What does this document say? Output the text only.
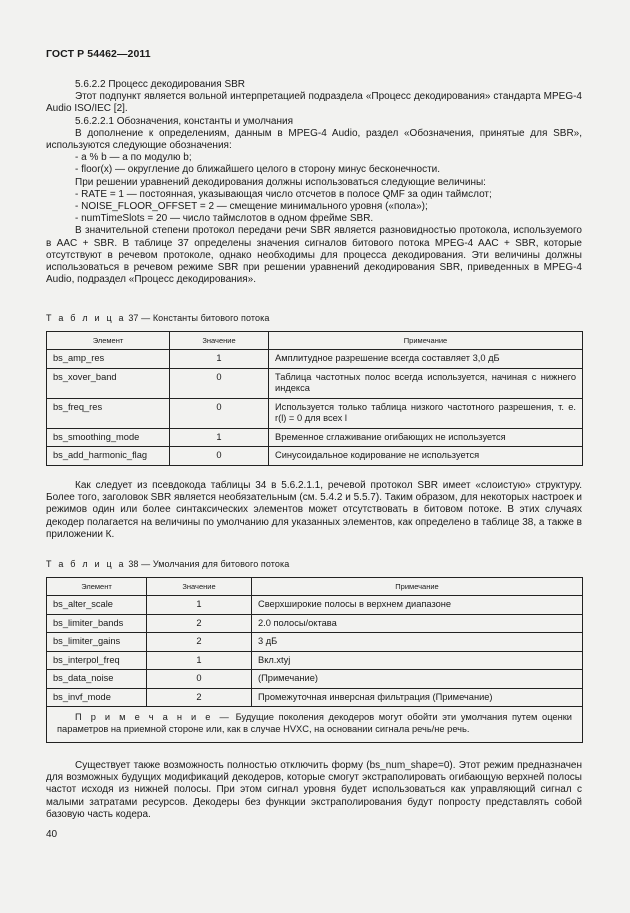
ГОСТ Р 54462—2011

5.6.2.2 Процесс декодирования SBR

Этот подпункт является вольной интерпретацией подраздела «Процесс декодирования» стандарта MPEG-4 Audio ISO/IEC [2].

5.6.2.2.1 Обозначения, константы и умолчания

В дополнение к определениям, данным в MPEG-4 Audio, раздел «Обозначения, принятые для SBR», используются следующие обозначения:

- a % b — a по модулю b;

- floor(x) — округление до ближайшего целого в сторону минус бесконечности.

При решении уравнений декодирования должны использоваться следующие величины:

- RATE = 1 — постоянная, указывающая число отсчетов в полосе QMF за один таймслот;

- NOISE_FLOOR_OFFSET = 2 — смещение минимального уровня («пола»);

- numTimeSlots = 20 — число таймслотов в одном фрейме SBR.

В значительной степени протокол передачи речи SBR является разновидностью протокола, используемого в AAC + SBR. В таблице 37 определены значения сигналов битового потока MPEG-4 AAC + SBR, которые отсутствуют в речевом протоколе, однако необходимы для процесса декодирования. Эти величины должны использоваться в речевом режиме SBR при решении уравнений декодирования SBR, приведенных в MPEG-4 Audio, подраздел «Процесс декодирования».

Т а б л и ц а 37 — Константы битового потока
Элемент	Значение	Примечание
bs_amp_res	1	Амплитудное разрешение всегда составляет 3,0 дБ
bs_xover_band	0	Таблица частотных полос всегда используется, начиная с нижнего индекса
bs_freq_res	0	Используется только таблица низкого частотного разрешения, т. е. r(l) = 0 для всех l
bs_smoothing_mode	1	Временное сглаживание огибающих не используется
bs_add_harmonic_flag	0	Синусоидальное кодирование не используется

Как следует из псевдокода таблицы 34 в 5.6.2.1.1, речевой протокол SBR имеет «слоистую» структуру. Более того, заголовок SBR является необязательным (см. 5.4.2 и 5.5.7). Таким образом, для некоторых настроек и режимов один или более синтаксических элементов может отсутствовать в битовом потоке. В этих случаях декодер полагается на величины по умолчанию для указанных элементов, как определено в таблице 38, а также в приложении К.

Т а б л и ц а 38 — Умолчания для битового потока
Элемент	Значение	Примечание
bs_alter_scale	1	Сверхширокие полосы в верхнем диапазоне
bs_limiter_bands	2	2.0 полосы/октава
bs_limiter_gains	2	3 дБ
bs_interpol_freq	1	Вкл.xtyj
bs_data_noise	0	(Примечание)
bs_invf_mode	2	Промежуточная инверсная фильтрация (Примечание)
П р и м е ч а н и е — Будущие поколения декодеров могут обойти эти умолчания путем оценки параметров на приемной стороне или, как в случае HVXC, на основании сигнала речь/не речь.		

Существует также возможность полностью отключить форму (bs_num_shape=0). Этот режим предназначен для возможных будущих модификаций декодеров, которые смогут экстраполировать огибающую верхней полосы частот исходя из нижней полосы. При этом сигнал уровня будет использоваться как управляющий сигнал с малыми затратами ресурсов. Декодеры без функции экстраполирования будут попросту представлять собой базовую часть кодера.

40
